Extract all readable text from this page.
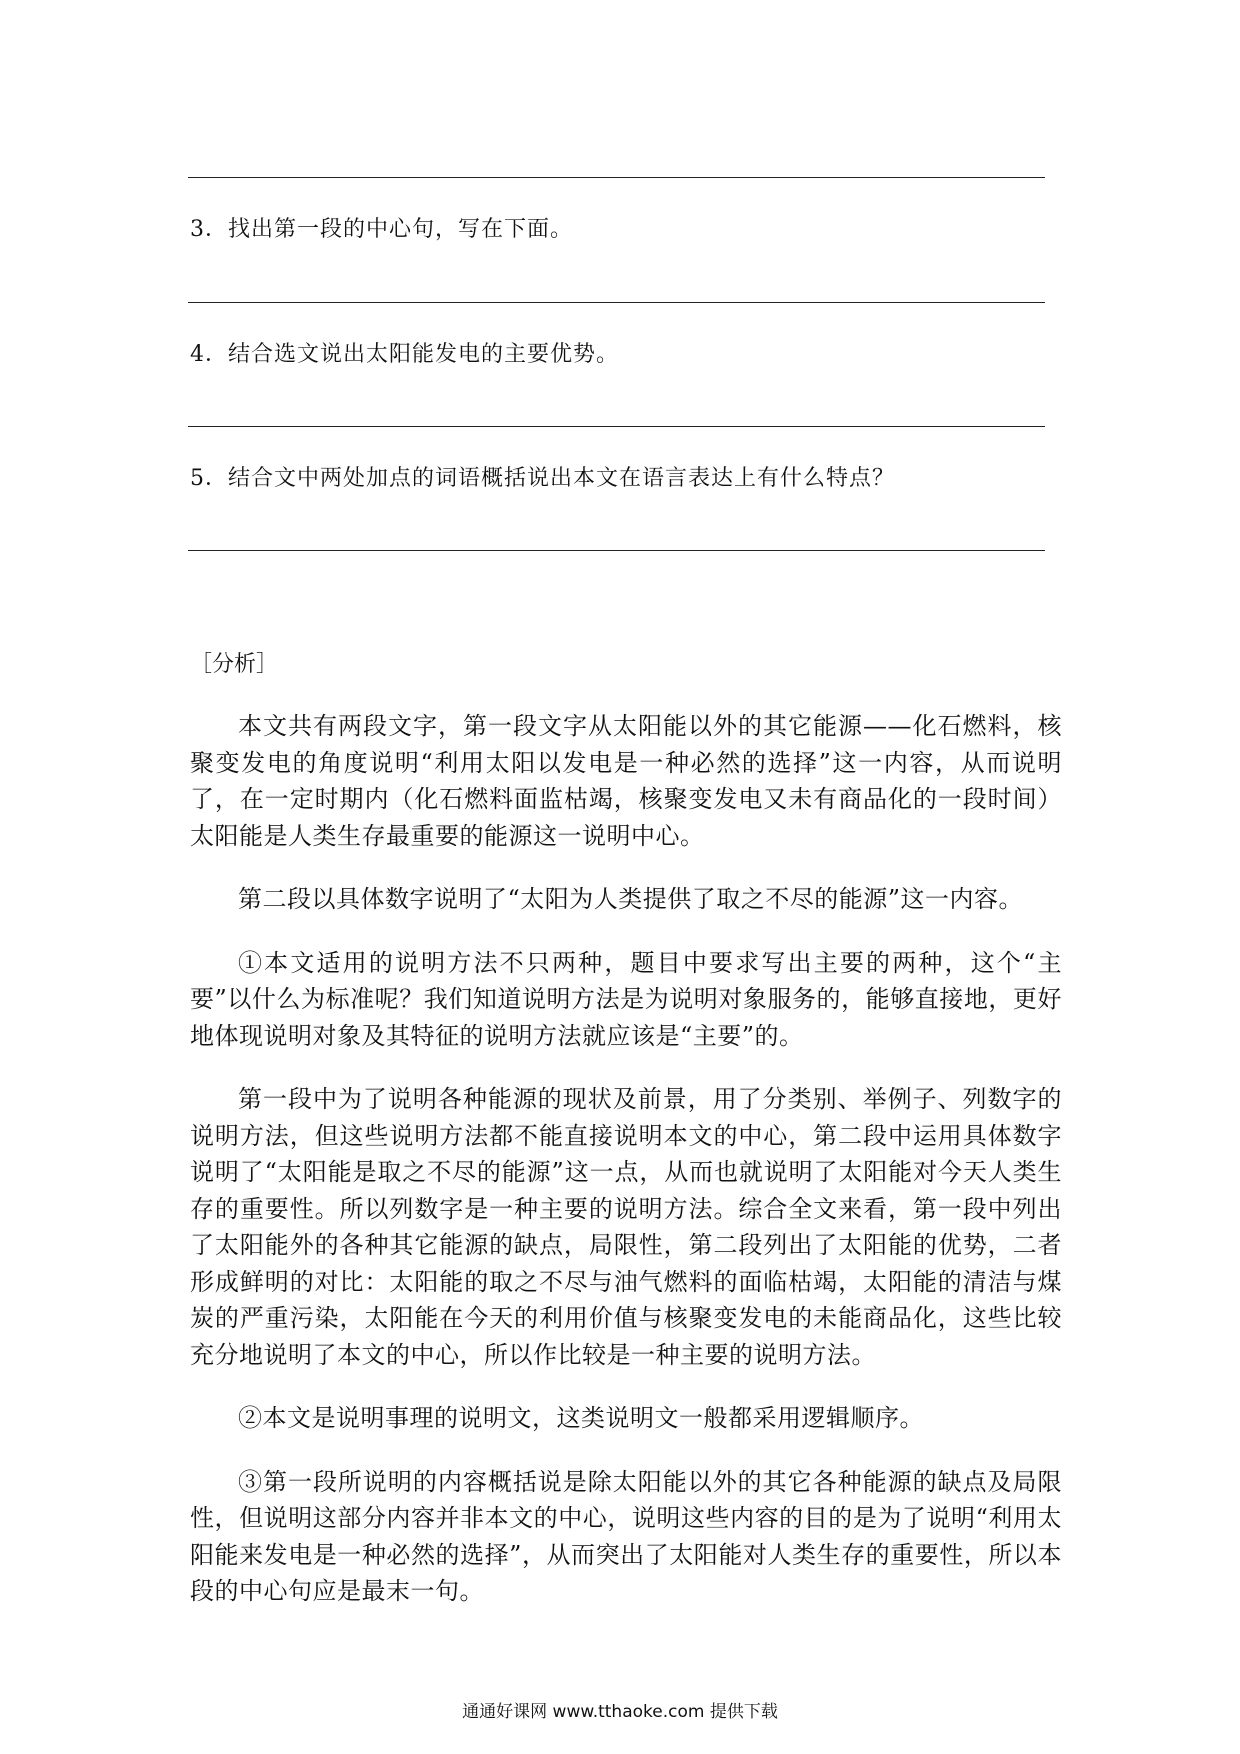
3．找出第一段的中心句，写在下面。
4．结合选文说出太阳能发电的主要优势。
5．结合文中两处加点的词语概括说出本文在语言表达上有什么特点？
［分析］

本文共有两段文字，第一段文字从太阳能以外的其它能源——化石燃料，核聚变发电的角度说明“利用太阳以发电是一种必然的选择”这一内容，从而说明了，在一定时期内（化石燃料面监枯竭，核聚变发电又未有商品化的一段时间）太阳能是人类生存最重要的能源这一说明中心。

第二段以具体数字说明了“太阳为人类提供了取之不尽的能源”这一内容。

①本文适用的说明方法不只两种，题目中要求写出主要的两种，这个“主要”以什么为标准呢？我们知道说明方法是为说明对象服务的，能够直接地，更好地体现说明对象及其特征的说明方法就应该是“主要”的。

第一段中为了说明各种能源的现状及前景，用了分类别、举例子、列数字的说明方法，但这些说明方法都不能直接说明本文的中心，第二段中运用具体数字说明了“太阳能是取之不尽的能源”这一点，从而也就说明了太阳能对今天人类生存的重要性。所以列数字是一种主要的说明方法。综合全文来看，第一段中列出了太阳能外的各种其它能源的缺点，局限性，第二段列出了太阳能的优势，二者形成鲜明的对比：太阳能的取之不尽与油气燃料的面临枯竭，太阳能的清洁与煤炭的严重污染，太阳能在今天的利用价值与核聚变发电的未能商品化，这些比较充分地说明了本文的中心，所以作比较是一种主要的说明方法。

②本文是说明事理的说明文，这类说明文一般都采用逻辑顺序。

③第一段所说明的内容概括说是除太阳能以外的其它各种能源的缺点及局限性，但说明这部分内容并非本文的中心，说明这些内容的目的是为了说明“利用太阳能来发电是一种必然的选择”，从而突出了太阳能对人类生存的重要性，所以本段的中心句应是最末一句。

通通好课网 www.tthaoke.com 提供下载
